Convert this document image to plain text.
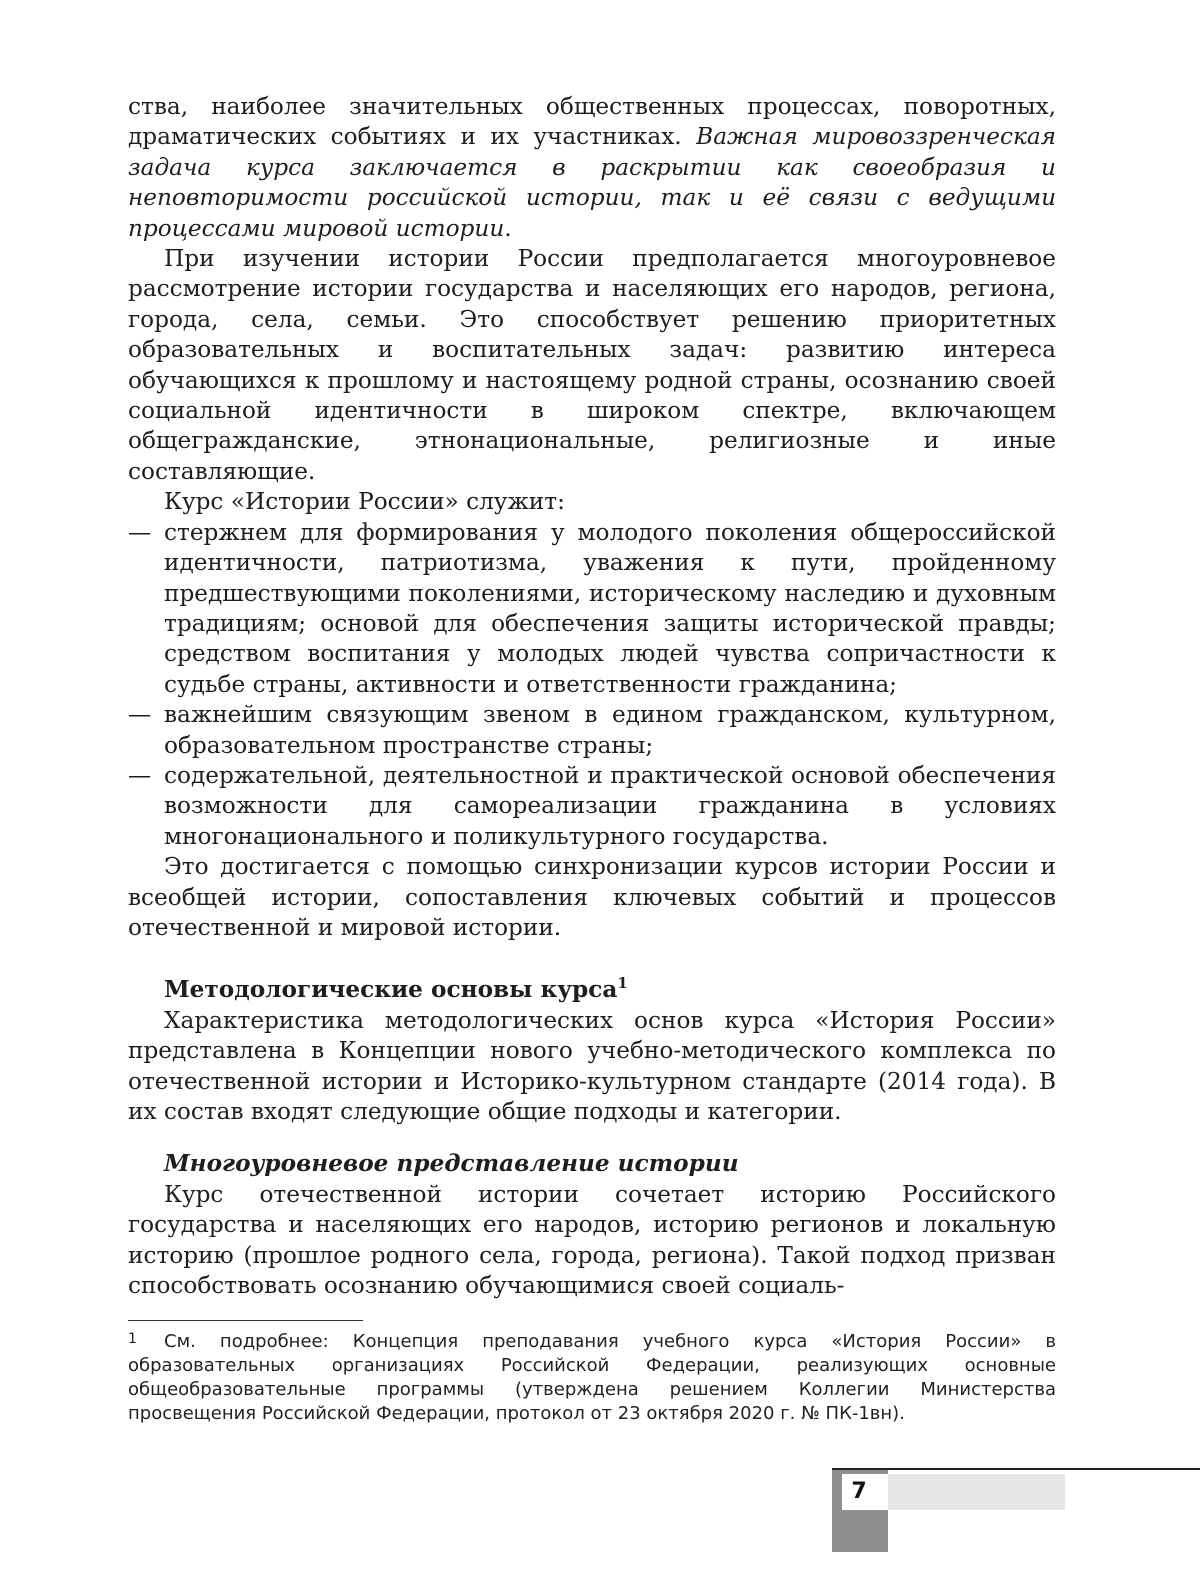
ства, наиболее значительных общественных процессах, поворотных, драматических событиях и их участниках. Важная мировоззренческая задача курса заключается в раскрытии как своеобразия и неповторимости российской истории, так и её связи с ведущими процессами мировой истории.

При изучении истории России предполагается многоуровневое рассмотрение истории государства и населяющих его народов, региона, города, села, семьи. Это способствует решению приоритетных образовательных и воспитательных задач: развитию интереса обучающихся к прошлому и настоящему родной страны, осознанию своей социальной идентичности в широком спектре, включающем общегражданские, этнонациональные, религиозные и иные составляющие.

Курс «Истории России» служит:

— стержнем для формирования у молодого поколения общероссийской идентичности, патриотизма, уважения к пути, пройденному предшествующими поколениями, историческому наследию и духовным традициям; основой для обеспечения защиты исторической правды; средством воспитания у молодых людей чувства сопричастности к судьбе страны, активности и ответственности гражданина;
— важнейшим связующим звеном в едином гражданском, культурном, образовательном пространстве страны;
— содержательной, деятельностной и практической основой обеспечения возможности для самореализации гражданина в условиях многонационального и поликультурного государства.

Это достигается с помощью синхронизации курсов истории России и всеобщей истории, сопоставления ключевых событий и процессов отечественной и мировой истории.

Методологические основы курса$^1$

Характеристика методологических основ курса «История России» представлена в Концепции нового учебно-методического комплекса по отечественной истории и Историко-культурном стандарте (2014 года). В их состав входят следующие общие подходы и категории.

Многоуровневое представление истории

Курс отечественной истории сочетает историю Российского государства и населяющих его народов, историю регионов и локальную историю (прошлое родного села, города, региона). Такой подход призван способствовать осознанию обучающимися своей социаль-

1 См. подробнее: Концепция преподавания учебного курса «История России» в образовательных организациях Российской Федерации, реализующих основные общеобразовательные программы (утверждена решением Коллегии Министерства просвещения Российской Федерации, протокол от 23 октября 2020 г. № ПК-1вн).
7
